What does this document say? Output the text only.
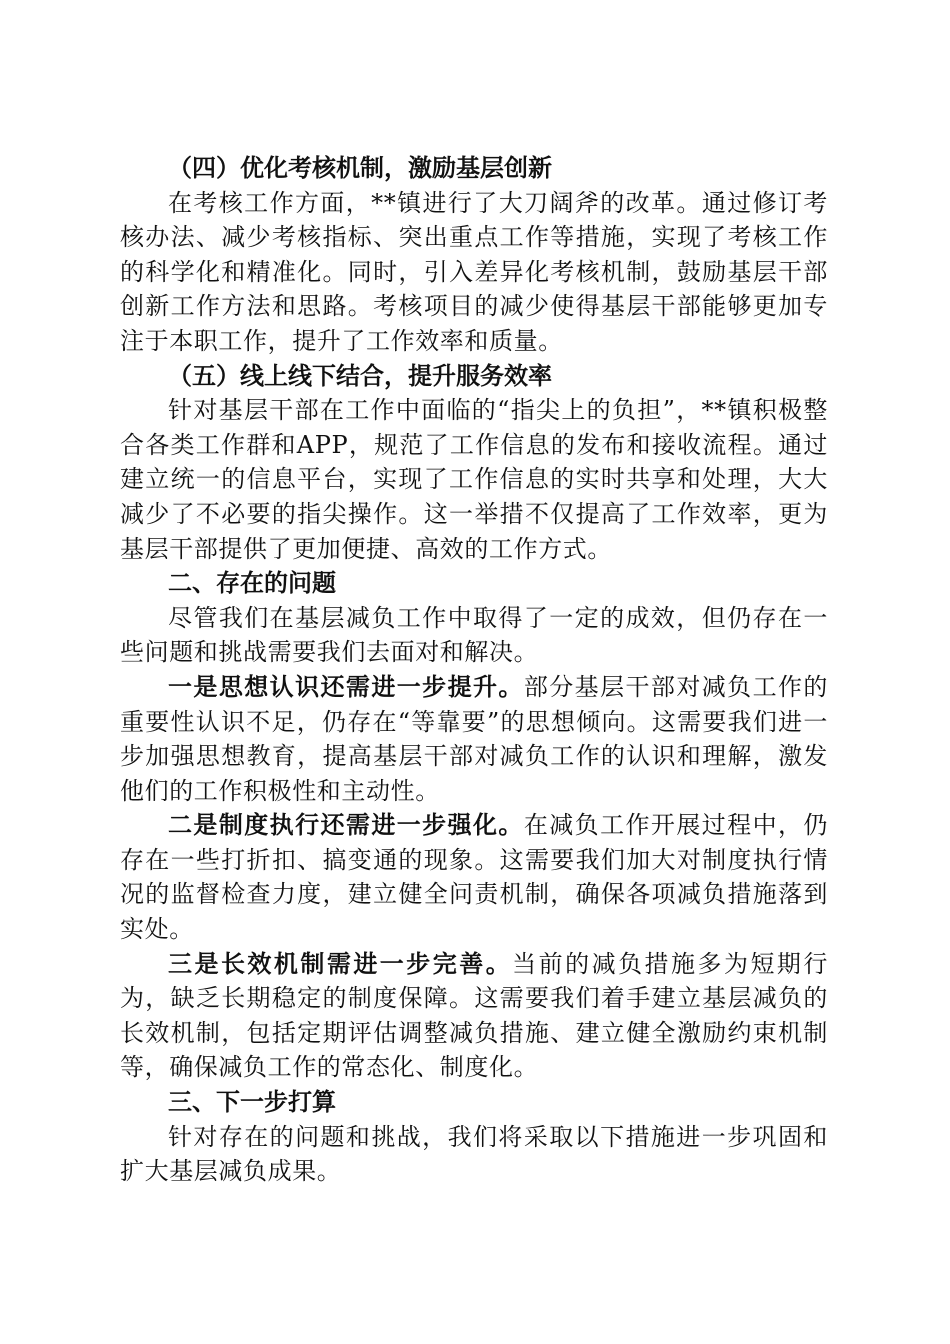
（四）优化考核机制，激励基层创新

在考核工作方面，**镇进行了大刀阔斧的改革。通过修订考核办法、减少考核指标、突出重点工作等措施，实现了考核工作的科学化和精准化。同时，引入差异化考核机制，鼓励基层干部创新工作方法和思路。考核项目的减少使得基层干部能够更加专注于本职工作，提升了工作效率和质量。

（五）线上线下结合，提升服务效率

针对基层干部在工作中面临的“指尖上的负担”，**镇积极整合各类工作群和APP，规范了工作信息的发布和接收流程。通过建立统一的信息平台，实现了工作信息的实时共享和处理，大大减少了不必要的指尖操作。这一举措不仅提高了工作效率，更为基层干部提供了更加便捷、高效的工作方式。

二、存在的问题

尽管我们在基层减负工作中取得了一定的成效，但仍存在一些问题和挑战需要我们去面对和解决。

一是思想认识还需进一步提升。部分基层干部对减负工作的重要性认识不足，仍存在“等靠要”的思想倾向。这需要我们进一步加强思想教育，提高基层干部对减负工作的认识和理解，激发他们的工作积极性和主动性。

二是制度执行还需进一步强化。在减负工作开展过程中，仍存在一些打折扣、搞变通的现象。这需要我们加大对制度执行情况的监督检查力度，建立健全问责机制，确保各项减负措施落到实处。

三是长效机制需进一步完善。当前的减负措施多为短期行为，缺乏长期稳定的制度保障。这需要我们着手建立基层减负的长效机制，包括定期评估调整减负措施、建立健全激励约束机制等，确保减负工作的常态化、制度化。

三、下一步打算

针对存在的问题和挑战，我们将采取以下措施进一步巩固和扩大基层减负成果。
